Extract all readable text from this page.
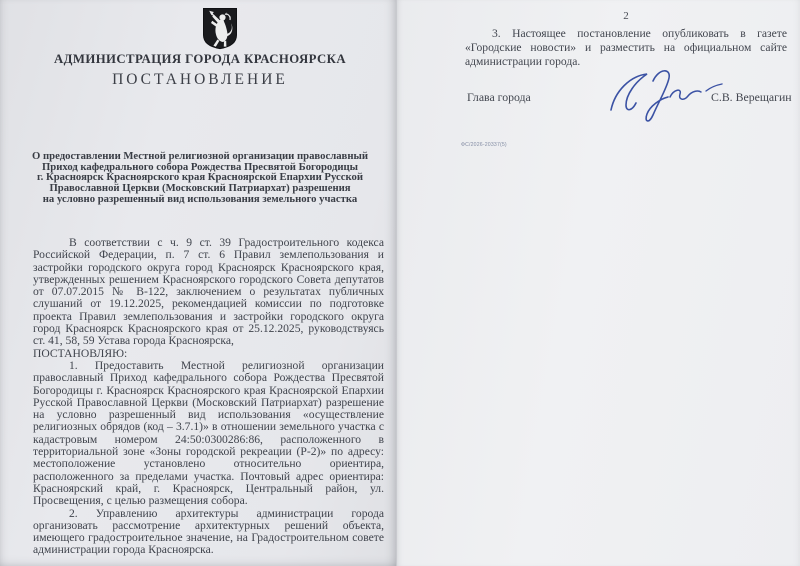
АДМИНИСТРАЦИЯ ГОРОДА КРАСНОЯРСКА
ПОСТАНОВЛЕНИЕ
О предоставлении Местной религиозной организации православный
Приход кафедрального собора Рождества Пресвятой Богородицы
г. Красноярск Красноярского края Красноярской Епархии Русской
Православной Церкви (Московский Патриархат) разрешения
на условно разрешенный вид использования земельного участка

В соответствии с ч. 9 ст. 39 Градостроительного кодекса Российской Федерации, п. 7 ст. 6 Правил землепользования и застройки городского округа город Красноярск Красноярского края, утвержденных решением Красноярского городского Совета депутатов от 07.07.2015 № В-122, заключением о результатах публичных слушаний от 19.12.2025, рекомендацией комиссии по подготовке проекта Правил землепользования и застройки городского округа город Красноярск Красноярского края от 25.12.2025, руководствуясь ст. 41, 58, 59 Устава города Красноярска,

ПОСТАНОВЛЯЮ:

1. Предоставить Местной религиозной организации православный Приход кафедрального собора Рождества Пресвятой Богородицы г. Красноярск Красноярского края Красноярской Епархии Русской Православной Церкви (Московский Патриархат) разрешение на условно разрешенный вид использования «осуществление религиозных обрядов (код – 3.7.1)» в отношении земельного участка с кадастровым номером 24:50:0300286:86, расположенного в территориальной зоне «Зоны городской рекреации (Р-2)» по адресу: местоположение установлено относительно ориентира, расположенного за пределами участка. Почтовый адрес ориентира: Красноярский край, г. Красноярск, Центральный район, ул. Просвещения, с целью размещения собора.

2. Управлению архитектуры администрации города организовать рассмотрение архитектурных решений объекта, имеющего градостроительное значение, на Градостроительном совете администрации города Красноярска.

2

3. Настоящее постановление опубликовать в газете «Городские новости» и разместить на официальном сайте администрации города.

Глава города	С.В. Верещагин
ФС/2026-20337(5)
